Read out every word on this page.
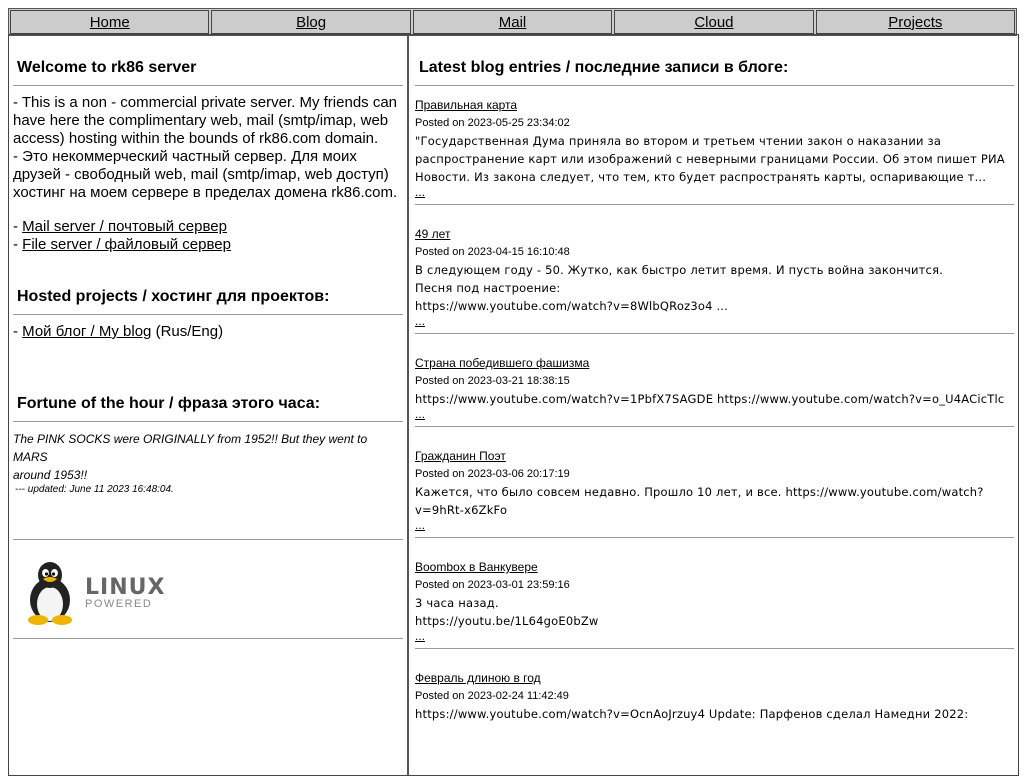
Home	Blog	Mail	Cloud	Projects
Welcome to rk86 server
- This is a non - commercial private server. My friends can have here the complimentary web, mail (smtp/imap, web access) hosting within the bounds of rk86.com domain.
- Это некоммерческий частный сервер. Для моих друзей - свободный web, mail (smtp/imap, web доступ) хостинг на моем сервере в пределах домена rk86.com.
- Mail server / почтовый сервер
- File server / файловый сервер
Hosted projects / хостинг для проектов:
- Мой блог / My blog (Rus/Eng)
Fortune of the hour / фраза этого часа:

The PINK SOCKS were ORIGINALLY from 1952!! But they went to MARS
around 1953!!

--- updated: June 11 2023 16:48:04.

LINUX
POWERED
Latest blog entries / последние записи в блоге:
Правильная карта
Posted on 2023-05-25 23:34:02
"Государственная Дума приняла во втором и третьем чтении закон о наказании за распространение карт или изображений с неверными границами России. Об этом пишет РИА Новости. Из закона следует, что тем, кто будет распространять карты, оспаривающие т...
...
49 лет
Posted on 2023-04-15 16:10:48
В следующем году - 50. Жутко, как быстро летит время. И пусть война закончится.
Песня под настроение:
https://www.youtube.com/watch?v=8WlbQRoz3o4 ...
...
Страна победившего фашизма
Posted on 2023-03-21 18:38:15
https://www.youtube.com/watch?v=1PbfX7SAGDE https://www.youtube.com/watch?v=o_U4ACicTlc
...
Гражданин Поэт
Posted on 2023-03-06 20:17:19
Кажется, что было совсем недавно. Прошло 10 лет, и все. https://www.youtube.com/watch?v=9hRt-x6ZkFo
...
Boombox в Ванкувере
Posted on 2023-03-01 23:59:16
3 часа назад.
https://youtu.be/1L64goE0bZw
...
Февраль длиною в год
Posted on 2023-02-24 11:42:49
https://www.youtube.com/watch?v=OcnAoJrzuy4 Update: Парфенов сделал Намедни 2022:
